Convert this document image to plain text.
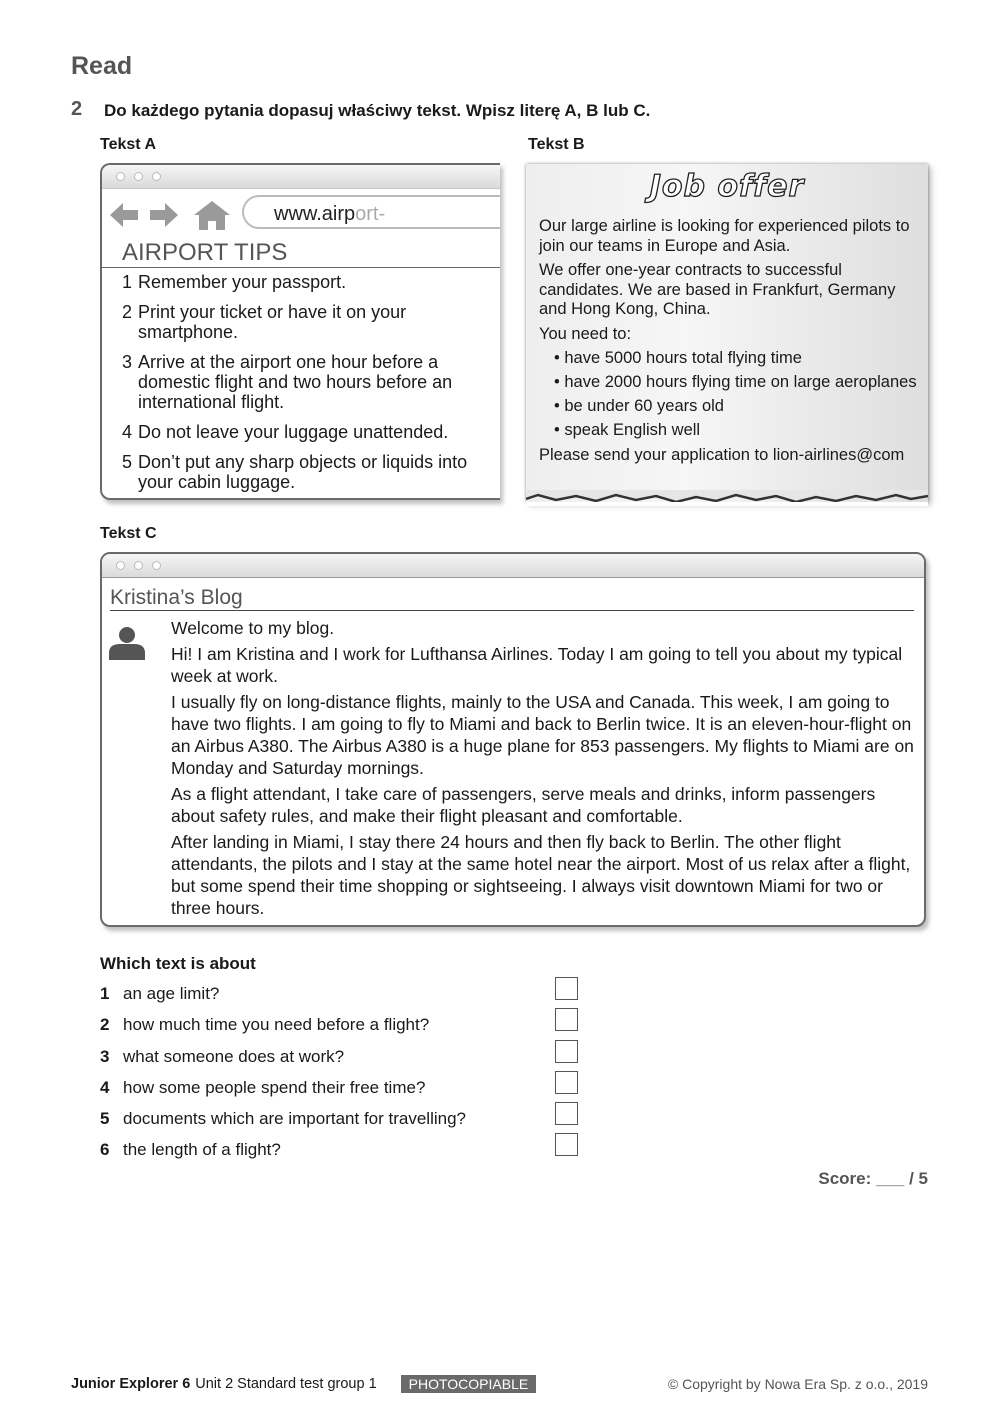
Read
2 Do każdego pytania dopasuj właściwy tekst. Wpisz literę A, B lub C.
Tekst A	Tekst B
www.airport-
AIRPORT TIPS
1 Remember your passport.
2 Print your ticket or have it on your smartphone.
3 Arrive at the airport one hour before a domestic flight and two hours before an international flight.
4 Do not leave your luggage unattended.
5 Don’t put any sharp objects or liquids into your cabin luggage.
Job offer

Our large airline is looking for experienced pilots to join our teams in Europe and Asia.

We offer one-year contracts to successful candidates. We are based in Frankfurt, Germany and Hong Kong, China.

You need to:

• have 5000 hours total flying time
• have 2000 hours flying time on large aeroplanes
• be under 60 years old
• speak English well

Please send your application to lion-airlines@com

Tekst C
Kristina’s Blog

Welcome to my blog.

Hi! I am Kristina and I work for Lufthansa Airlines. Today I am going to tell you about my typical week at work.

I usually fly on long-distance flights, mainly to the USA and Canada. This week, I am going to have two flights. I am going to fly to Miami and back to Berlin twice. It is an eleven-hour-flight on an Airbus A380. The Airbus A380 is a huge plane for 853 passengers. My flights to Miami are on Monday and Saturday mornings.

As a flight attendant, I take care of passengers, serve meals and drinks, inform passengers about safety rules, and make their flight pleasant and comfortable.

After landing in Miami, I stay there 24 hours and then fly back to Berlin. The other flight attendants, the pilots and I stay at the same hotel near the airport. Most of us relax after a flight, but some spend their time shopping or sightseeing. I always visit downtown Miami for two or three hours.

Which text is about
1 an age limit?
2 how much time you need before a flight?
3 what someone does at work?
4 how some people spend their free time?
5 documents which are important for travelling?
6 the length of a flight?
Score: ___ / 5
Junior Explorer 6 Unit 2 Standard test group 1	PHOTOCOPIABLE	© Copyright by Nowa Era Sp. z o.o., 2019
